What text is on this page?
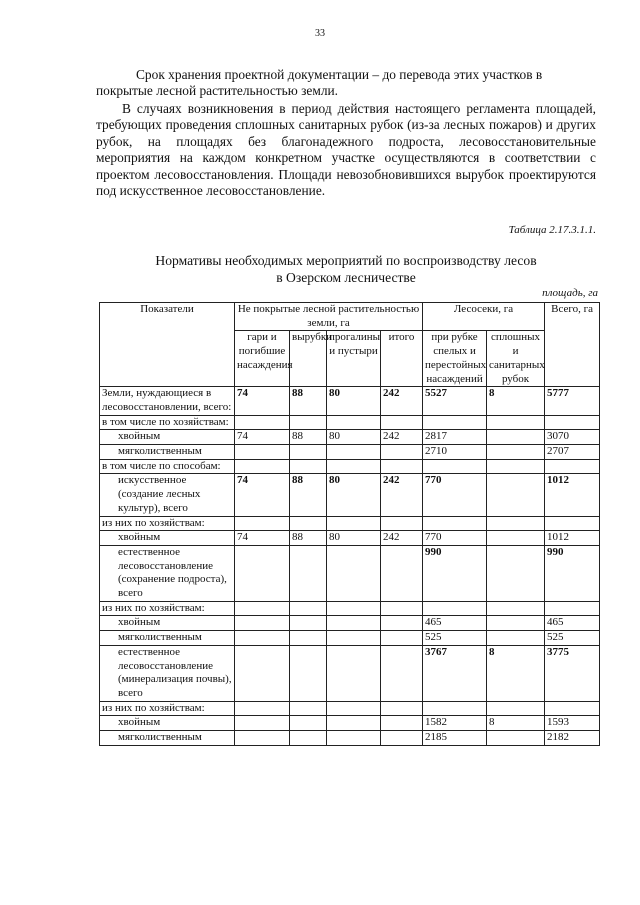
33

Срок хранения проектной документации – до перевода этих участков в покрытые лесной растительностью земли.

В случаях возникновения в период действия настоящего регламента площадей, требующих проведения сплошных санитарных рубок (из-за лесных пожаров) и других рубок, на площадях без благонадежного подроста, лесовосстановительные мероприятия на каждом конкретном участке осуществляются в соответствии с проектом лесовосстановления. Площади невозобновившихся вырубок проектируются под искусственное лесовосстановление.

Таблица 2.17.3.1.1.

Нормативы необходимых мероприятий по воспроизводству лесов
в Озерском лесничестве

площадь, га
Показатели	Не покрытые лесной растительностью земли, га				Лесосеки, га		Всего, га
	гари и погибшие насаждения	вырубки	прогалины и пустыри	итого	при рубке спелых и перестойных насаждений	сплошных и санитарных рубок	
Земли, нуждающиеся в лесовосстановлении, всего:	74	88	80	242	5527	8	5777
в том числе по хозяйствам:							
хвойным	74	88	80	242	2817		3070
мягколиственным					2710		2707
в том числе по способам:							
искусственное (создание лесных культур), всего	74	88	80	242	770		1012
из них по хозяйствам:							
хвойным	74	88	80	242	770		1012
естественное лесовосстановление (сохранение подроста), всего					990		990
из них по хозяйствам:							
хвойным					465		465
мягколиственным					525		525
естественное лесовосстановление (минерализация почвы), всего					3767	8	3775
из них по хозяйствам:							
хвойным					1582	8	1593
мягколиственным					2185		2182
